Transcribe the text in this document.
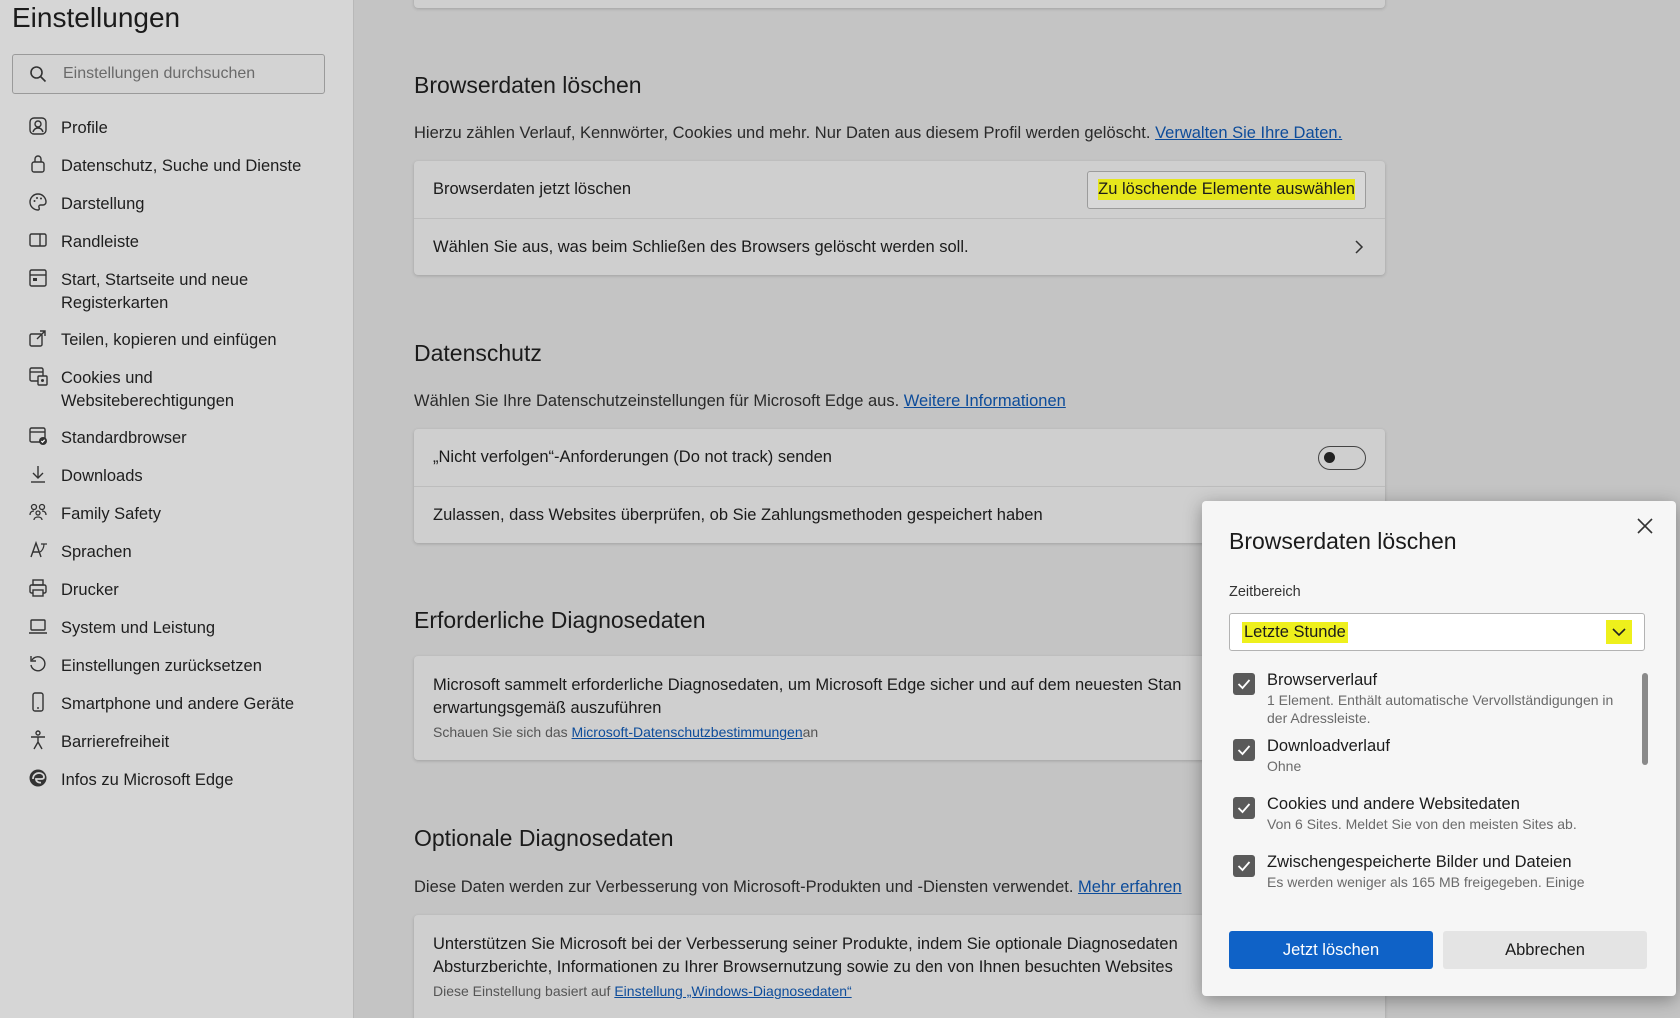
Einstellungen
Einstellungen durchsuchen
Profile
Datenschutz, Suche und Dienste
Darstellung
Randleiste
Start, Startseite und neue Registerkarten
Teilen, kopieren und einfügen
Cookies und Websiteberechtigungen
Standardbrowser
Downloads
Family Safety
Sprachen
Drucker
System und Leistung
Einstellungen zurücksetzen
Smartphone und andere Geräte
Barrierefreiheit
Infos zu Microsoft Edge
Browserdaten löschen
Hierzu zählen Verlauf, Kennwörter, Cookies und mehr. Nur Daten aus diesem Profil werden gelöscht. Verwalten Sie Ihre Daten.
Browserdaten jetzt löschen	Zu löschende Elemente auswählen
Wählen Sie aus, was beim Schließen des Browsers gelöscht werden soll.
Datenschutz
Wählen Sie Ihre Datenschutzeinstellungen für Microsoft Edge aus. Weitere Informationen
„Nicht verfolgen“-Anforderungen (Do not track) senden
Zulassen, dass Websites überprüfen, ob Sie Zahlungsmethoden gespeichert haben
Erforderliche Diagnosedaten
Microsoft sammelt erforderliche Diagnosedaten, um Microsoft Edge sicher und auf dem neuesten Stan
erwartungsgemäß auszuführen
Schauen Sie sich das Microsoft-Datenschutzbestimmungenan
Optionale Diagnosedaten
Diese Daten werden zur Verbesserung von Microsoft-Produkten und -Diensten verwendet. Mehr erfahren
Unterstützen Sie Microsoft bei der Verbesserung seiner Produkte, indem Sie optionale Diagnosedaten
Absturzberichte, Informationen zu Ihrer Browsernutzung sowie zu den von Ihnen besuchten Websites
Diese Einstellung basiert auf Einstellung „Windows-Diagnosedaten“
Browserdaten löschen
Zeitbereich
Letzte Stunde
Browserverlauf
1 Element. Enthält automatische Vervollständigungen in der Adressleiste.
Downloadverlauf
Ohne
Cookies und andere Websitedaten
Von 6 Sites. Meldet Sie von den meisten Sites ab.
Zwischengespeicherte Bilder und Dateien
Es werden weniger als 165 MB freigegeben. Einige
Jetzt löschen	Abbrechen
